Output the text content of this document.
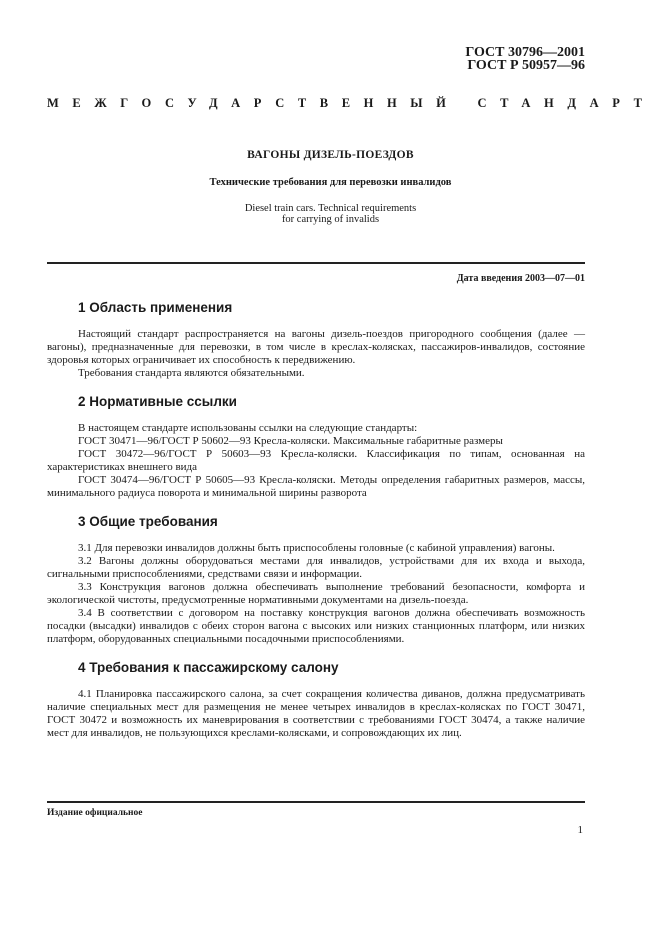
ГОСТ 30796—2001
ГОСТ Р 50957—96
МЕЖГОСУДАРСТВЕННЫЙ СТАНДАРТ
ВАГОНЫ ДИЗЕЛЬ-ПОЕЗДОВ
Технические требования для перевозки инвалидов
Diesel train cars. Technical requirements
for carrying of invalids
Дата введения 2003—07—01
1 Область применения

Настоящий стандарт распространяется на вагоны дизель-поездов пригородного сообщения (далее — вагоны), предназначенные для перевозки, в том числе в креслах-колясках, пассажиров-инвалидов, состояние здоровья которых ограничивает их способность к передвижению.

Требования стандарта являются обязательными.

2 Нормативные ссылки

В настоящем стандарте использованы ссылки на следующие стандарты:

ГОСТ 30471—96/ГОСТ Р 50602—93 Кресла-коляски. Максимальные габаритные размеры

ГОСТ 30472—96/ГОСТ Р 50603—93 Кресла-коляски. Классификация по типам, основанная на характеристиках внешнего вида

ГОСТ 30474—96/ГОСТ Р 50605—93 Кресла-коляски. Методы определения габаритных размеров, массы, минимального радиуса поворота и минимальной ширины разворота

3 Общие требования

3.1 Для перевозки инвалидов должны быть приспособлены головные (с кабиной управления) вагоны.

3.2 Вагоны должны оборудоваться местами для инвалидов, устройствами для их входа и выхода, сигнальными приспособлениями, средствами связи и информации.

3.3 Конструкция вагонов должна обеспечивать выполнение требований безопасности, комфорта и экологической чистоты, предусмотренные нормативными документами на дизель-поезда.

3.4 В соответствии с договором на поставку конструкция вагонов должна обеспечивать возможность посадки (высадки) инвалидов с обеих сторон вагона с высоких или низких станционных платформ, или низких платформ, оборудованных специальными посадочными приспособлениями.

4 Требования к пассажирскому салону

4.1 Планировка пассажирского салона, за счет сокращения количества диванов, должна предусматривать наличие специальных мест для размещения не менее четырех инвалидов в креслах-колясках по ГОСТ 30471, ГОСТ 30472 и возможность их маневрирования в соответствии с требованиями ГОСТ 30474, а также наличие мест для инвалидов, не пользующихся креслами-колясками, и сопровождающих их лиц.

Издание официальное
1
